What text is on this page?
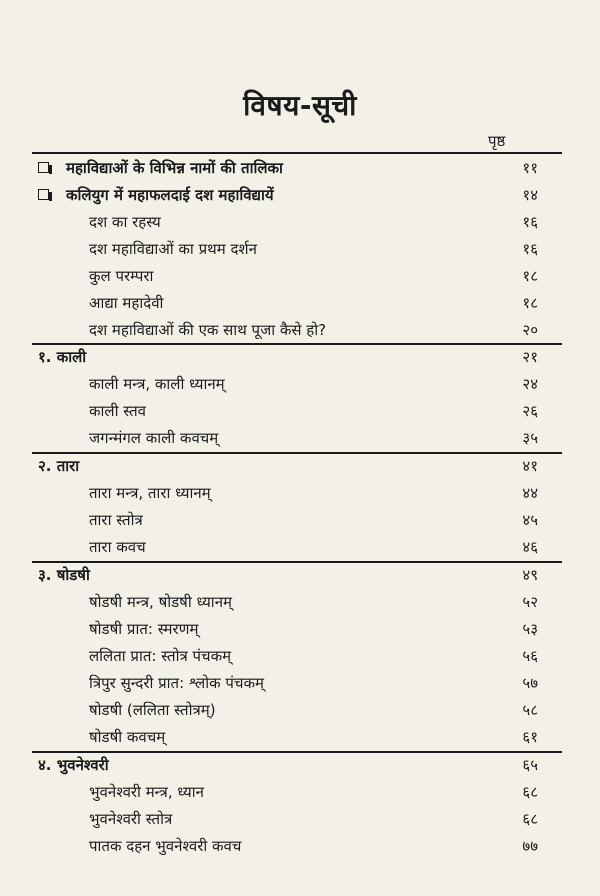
विषय-सूची
पृष्ठ
महाविद्याओं के विभिन्न नामों की तालिका	११
कलियुग में महाफलदाई दश महाविद्यायें	१४
दश का रहस्य	१६
दश महाविद्याओं का प्रथम दर्शन	१६
कुल परम्परा	१८
आद्या महादेवी	१८
दश महाविद्याओं की एक साथ पूजा कैसे हो?	२०
१. काली	२१
काली मन्त्र, काली ध्यानम्	२४
काली स्तव	२६
जगन्मंगल काली कवचम्	३५
२. तारा	४१
तारा मन्त्र, तारा ध्यानम्	४४
तारा स्तोत्र	४५
तारा कवच	४६
३. षोडषी	४९
षोडषी मन्त्र, षोडषी ध्यानम्	५२
षोडषी प्रात: स्मरणम्	५३
ललिता प्रात: स्तोत्र पंचकम्	५६
त्रिपुर सुन्दरी प्रात: श्लोक पंचकम्	५७
षोडषी (ललिता स्तोत्रम्)	५८
षोडषी कवचम्	६१
४. भुवनेश्वरी	६५
भुवनेश्वरी मन्त्र, ध्यान	६८
भुवनेश्वरी स्तोत्र	६८
पातक दहन भुवनेश्वरी कवच	७७
